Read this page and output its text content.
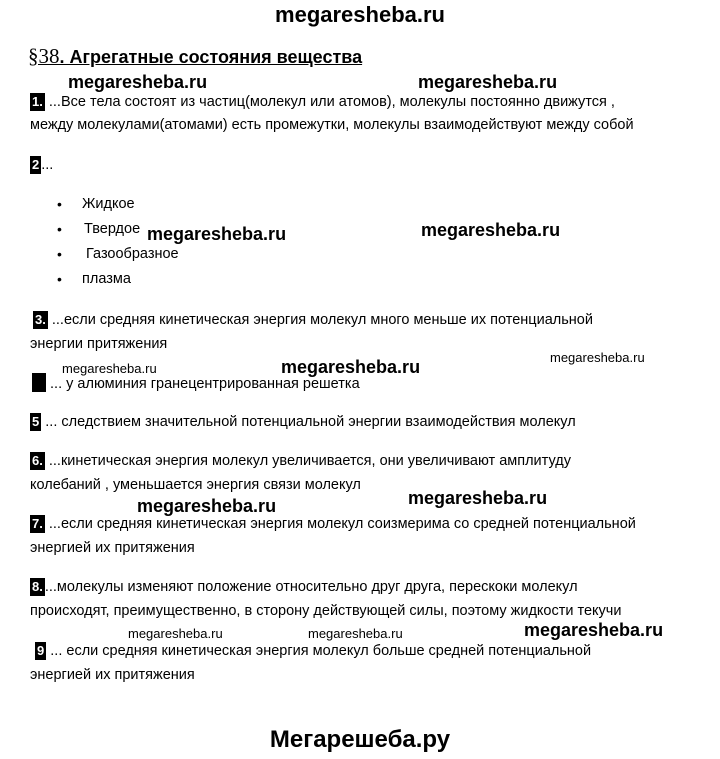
megaresheba.ru
§38. Агрегатные состояния вещества
megaresheba.ru	megaresheba.ru
1. ...Все тела состоят из частиц(молекул или атомов), молекулы постоянно движутся ,
между молекулами(атомами) есть промежутки, молекулы взаимодействуют между собой
2 ...
• Жидкое
• Твердое
• Газообразное
• плазма
megaresheba.ru	megaresheba.ru
3. ...если средняя кинетическая энергия молекул много меньше их потенциальной
энергии притяжения
megaresheba.ru	megaresheba.ru	megaresheba.ru
... у алюминия гранецентрированная решетка
5 ... следствием значительной потенциальной энергии взаимодействия молекул
6. ...кинетическая энергия молекул увеличивается, они увеличивают амплитуду
колебаний , уменьшается энергия связи молекул
megaresheba.ru
megaresheba.ru
7. ...если средняя кинетическая энергия молекул соизмерима со средней потенциальной
энергией их притяжения
8. ...молекулы изменяют положение относительно друг друга, перескоки молекул
происходят, преимущественно, в сторону действующей силы, поэтому жидкости текучи
megaresheba.ru	megaresheba.ru	megaresheba.ru
9 ... если средняя кинетическая энергия молекул больше средней потенциальной
энергией их притяжения
Мегарешеба.ру
